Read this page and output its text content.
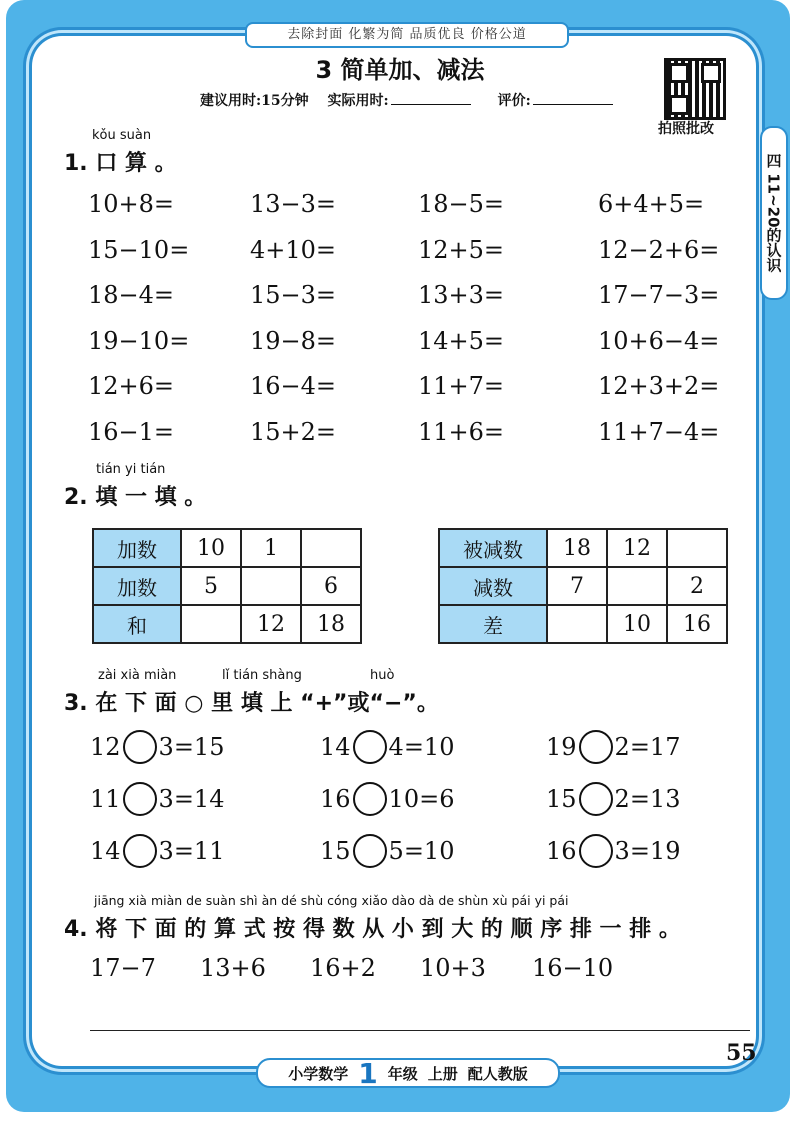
去除封面 化繁为简 品质优良 价格公道
3 简单加、减法
建议用时:15分钟 实际用时:	评价:
拍照批改
四 11~20的认识
kǒu suàn
1. 口 算 。
10+8=	13−3=	18−5=	6+4+5=
15−10=	4+10=	12+5=	12−2+6=
18−4=	15−3=	13+3=	17−7−3=
19−10=	19−8=	14+5=	10+6−4=
12+6=	16−4=	11+7=	12+3+2=
16−1=	15+2=	11+6=	11+7−4=
tián yi tián
2. 填 一 填 。
加数	10	1	
加数	5		6
和		12	18
被减数	18	12	
减数	7		2
差		10	16
zài xià miàn	lǐ tián shàng	huò
3. 在 下 面 ○ 里 填 上 “+”或“−”。
12 3=15	14 4=10	19 2=17
11 3=14	16 10=6	15 2=13
14 3=11	15 5=10	16 3=19
jiāng xià miàn de suàn shì àn dé shù cóng xiǎo dào dà de shùn xù pái yi pái
4. 将 下 面 的 算 式 按 得 数 从 小 到 大 的 顺 序 排 一 排 。
17−7 13+6 16+2 10+3 16−10
小学数学 1 年级 上册 配人教版
55
